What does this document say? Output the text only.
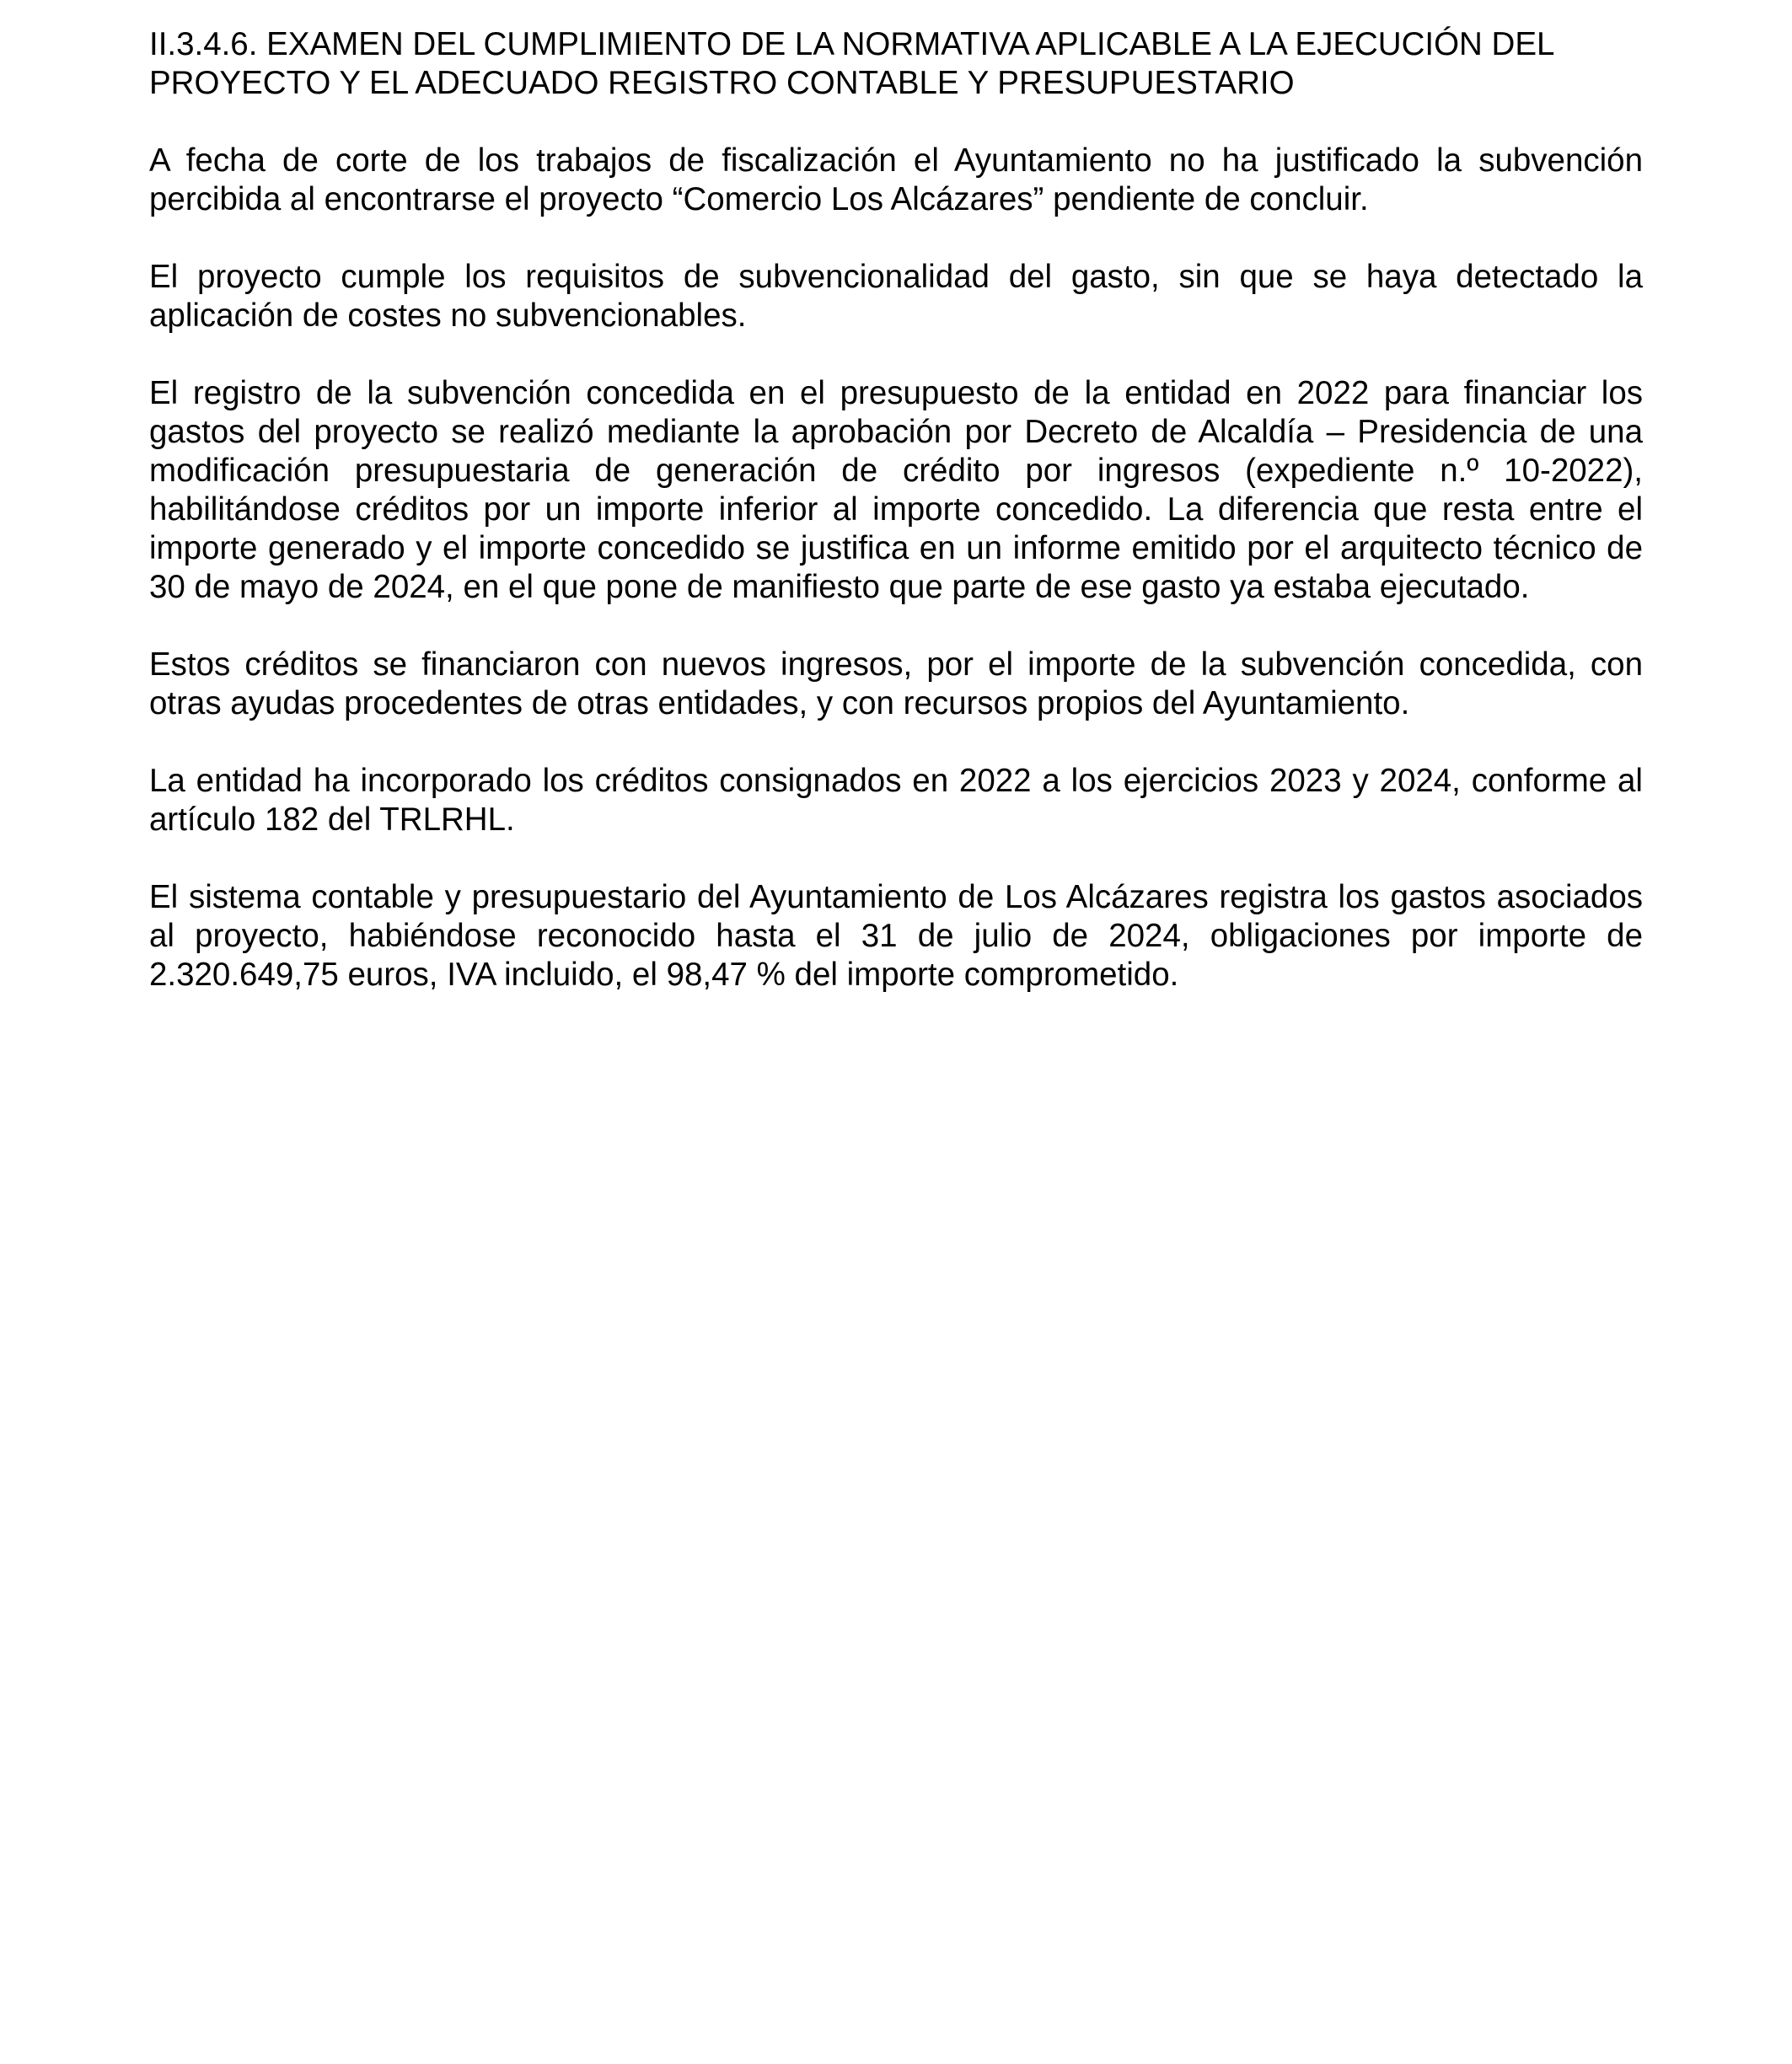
II.3.4.6. EXAMEN DEL CUMPLIMIENTO DE LA NORMATIVA APLICABLE A LA EJECUCIÓN DEL PROYECTO Y EL ADECUADO REGISTRO CONTABLE Y PRESUPUESTARIO

A fecha de corte de los trabajos de fiscalización el Ayuntamiento no ha justificado la subvención percibida al encontrarse el proyecto “Comercio Los Alcázares” pendiente de concluir.

El proyecto cumple los requisitos de subvencionalidad del gasto, sin que se haya detectado la aplicación de costes no subvencionables.

El registro de la subvención concedida en el presupuesto de la entidad en 2022 para financiar los gastos del proyecto se realizó mediante la aprobación por Decreto de Alcaldía – Presidencia de una modificación presupuestaria de generación de crédito por ingresos (expediente n.º 10-2022), habilitándose créditos por un importe inferior al importe concedido. La diferencia que resta entre el importe generado y el importe concedido se justifica en un informe emitido por el arquitecto técnico de 30 de mayo de 2024, en el que pone de manifiesto que parte de ese gasto ya estaba ejecutado.

Estos créditos se financiaron con nuevos ingresos, por el importe de la subvención concedida, con otras ayudas procedentes de otras entidades, y con recursos propios del Ayuntamiento.

La entidad ha incorporado los créditos consignados en 2022 a los ejercicios 2023 y 2024, conforme al artículo 182 del TRLRHL.

El sistema contable y presupuestario del Ayuntamiento de Los Alcázares registra los gastos asociados al proyecto, habiéndose reconocido hasta el 31 de julio de 2024, obligaciones por importe de 2.320.649,75 euros, IVA incluido, el 98,47 % del importe comprometido.
